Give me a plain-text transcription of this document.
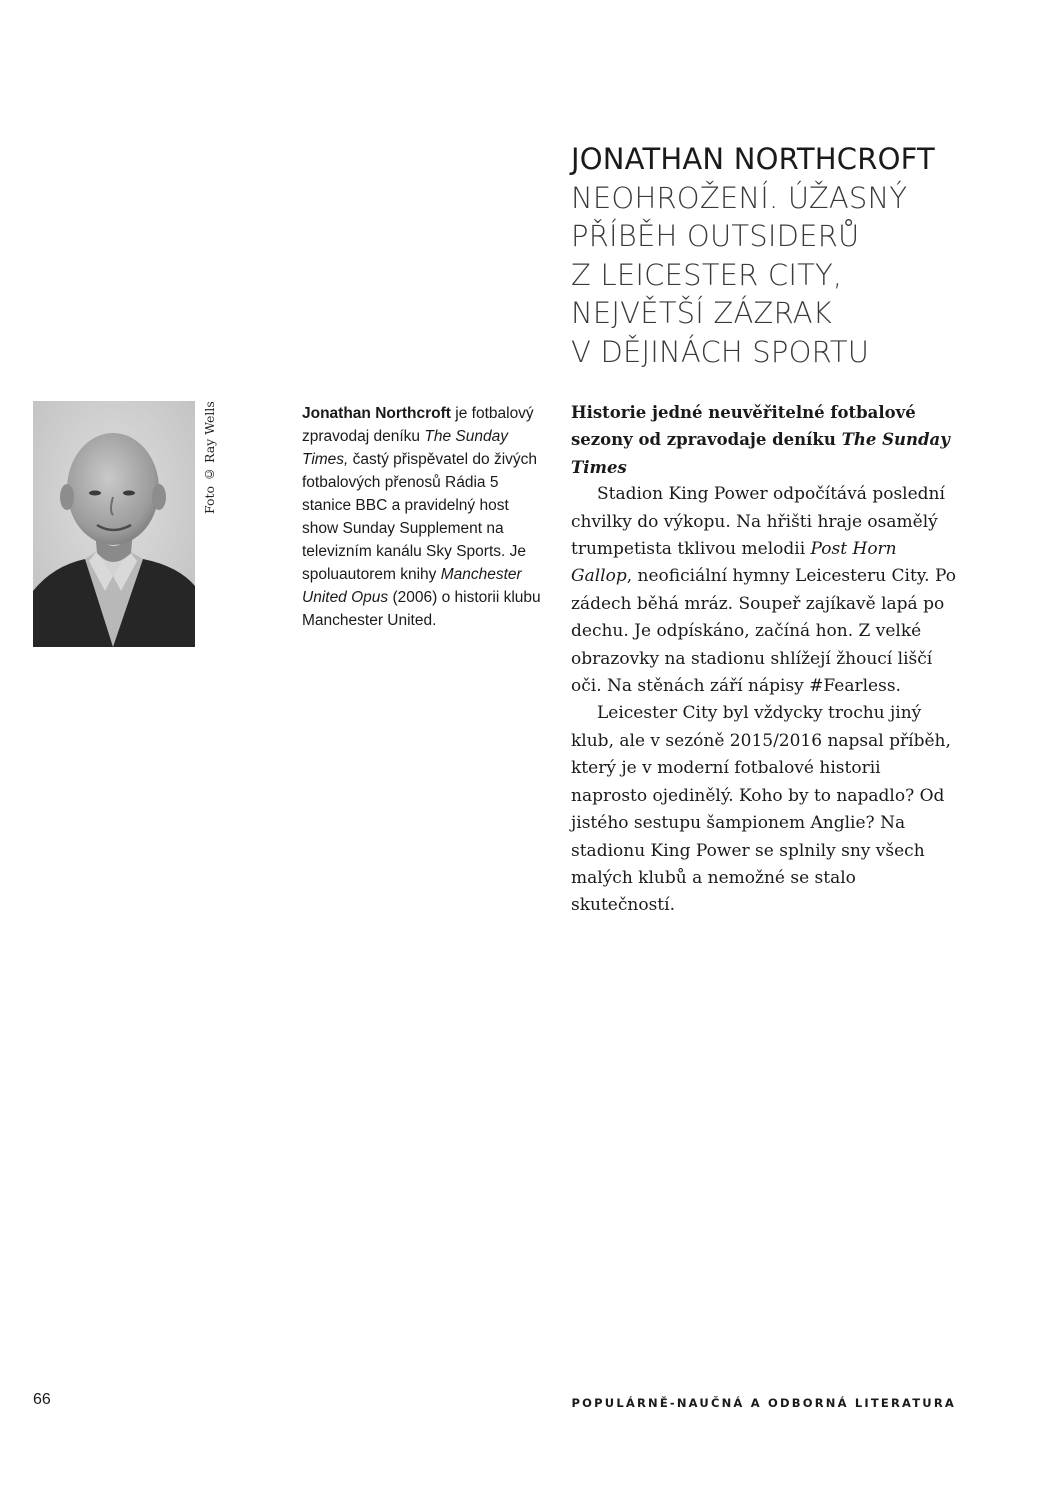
JONATHAN NORTHCROFT
NEOHROŽENÍ. ÚŽASNÝ
PŘÍBĚH OUTSIDERŮ
Z LEICESTER CITY,
NEJVĚTŠÍ ZÁZRAK
V DĚJINÁCH SPORTU
Foto © Ray Wells	Jonathan Northcroft je fotbalový zpravodaj deníku The Sunday Times, častý přispěvatel do živých fotbalových přenosů Rádia 5 stanice BBC a pravidelný host show Sunday Supplement na televizním kanálu Sky Sports. Je spoluautorem knihy Manchester United Opus (2006) o historii klubu Manchester United.
Historie jedné neuvěřitelné fotbalové sezony od zpravodaje deníku The Sunday Times

Stadion King Power odpočítává poslední chvilky do výkopu. Na hřišti hraje osamělý trumpetista tklivou melodii Post Horn Gallop, neoficiální hymny Leicesteru City. Po zádech běhá mráz. Soupeř zajíkavě lapá po dechu. Je odpískáno, začíná hon. Z velké obrazovky na stadionu shlížejí žhoucí liščí oči. Na stěnách září nápisy #Fearless.

Leicester City byl vždycky trochu jiný klub, ale v sezóně 2015/2016 napsal příběh, který je v moderní fotbalové historii naprosto ojedinělý. Koho by to napadlo? Od jistého sestupu šampionem Anglie? Na stadionu King Power se splnily sny všech malých klubů a nemožné se stalo skutečností.

66	POPULÁRNĚ-NAUČNÁ A ODBORNÁ LITERATURA
